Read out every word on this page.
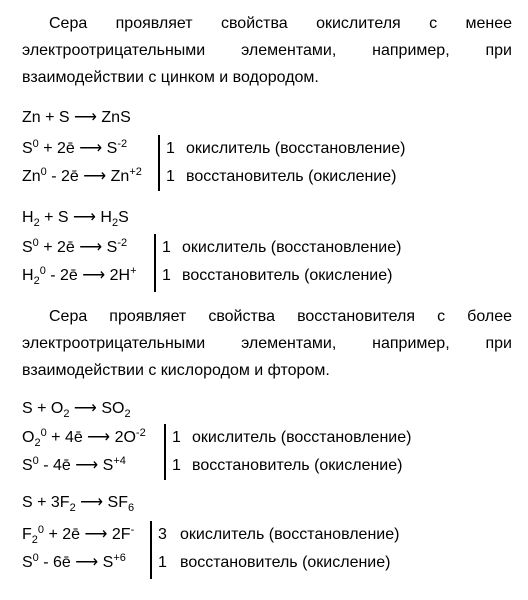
Сера проявляет свойства окислителя с менее
электроотрицательными элементами, например, при
взаимодействии с цинком и водородом.

Zn + S ⟶ ZnS
$S^0$ + 2ē ⟶ $S^{-2}$
Zn$^0$ - 2ē ⟶ $Zn^{+2}$
1 окислитель (восстановление)
1 восстановитель (окисление)
$H_2 + S$ ⟶ $H_2S$
$S^0$ + 2ē ⟶ $S^{-2}$
$H_2^0$ - 2ē ⟶ 2H+
1 окислитель (восстановление)
1 восстановитель (окисление)

Сера проявляет свойства восстановителя с более
электроотрицательными элементами, например, при
взаимодействии с кислородом и фтором.

$S + O_2$ ⟶ $SO_2$
$O_2^0$ + 4ē ⟶ $2O^{-2}$
$S^0$ - 4ē ⟶ $S^{+4}$
1 окислитель (восстановление)
1 восстановитель (окисление)
$S + 3F_2$ ⟶ $SF_6$
$F_2^0$ + 2ē ⟶ 2F-
$S^0$ - 6ē ⟶ $S^{+6}$
3 окислитель (восстановление)
1 восстановитель (окисление)
